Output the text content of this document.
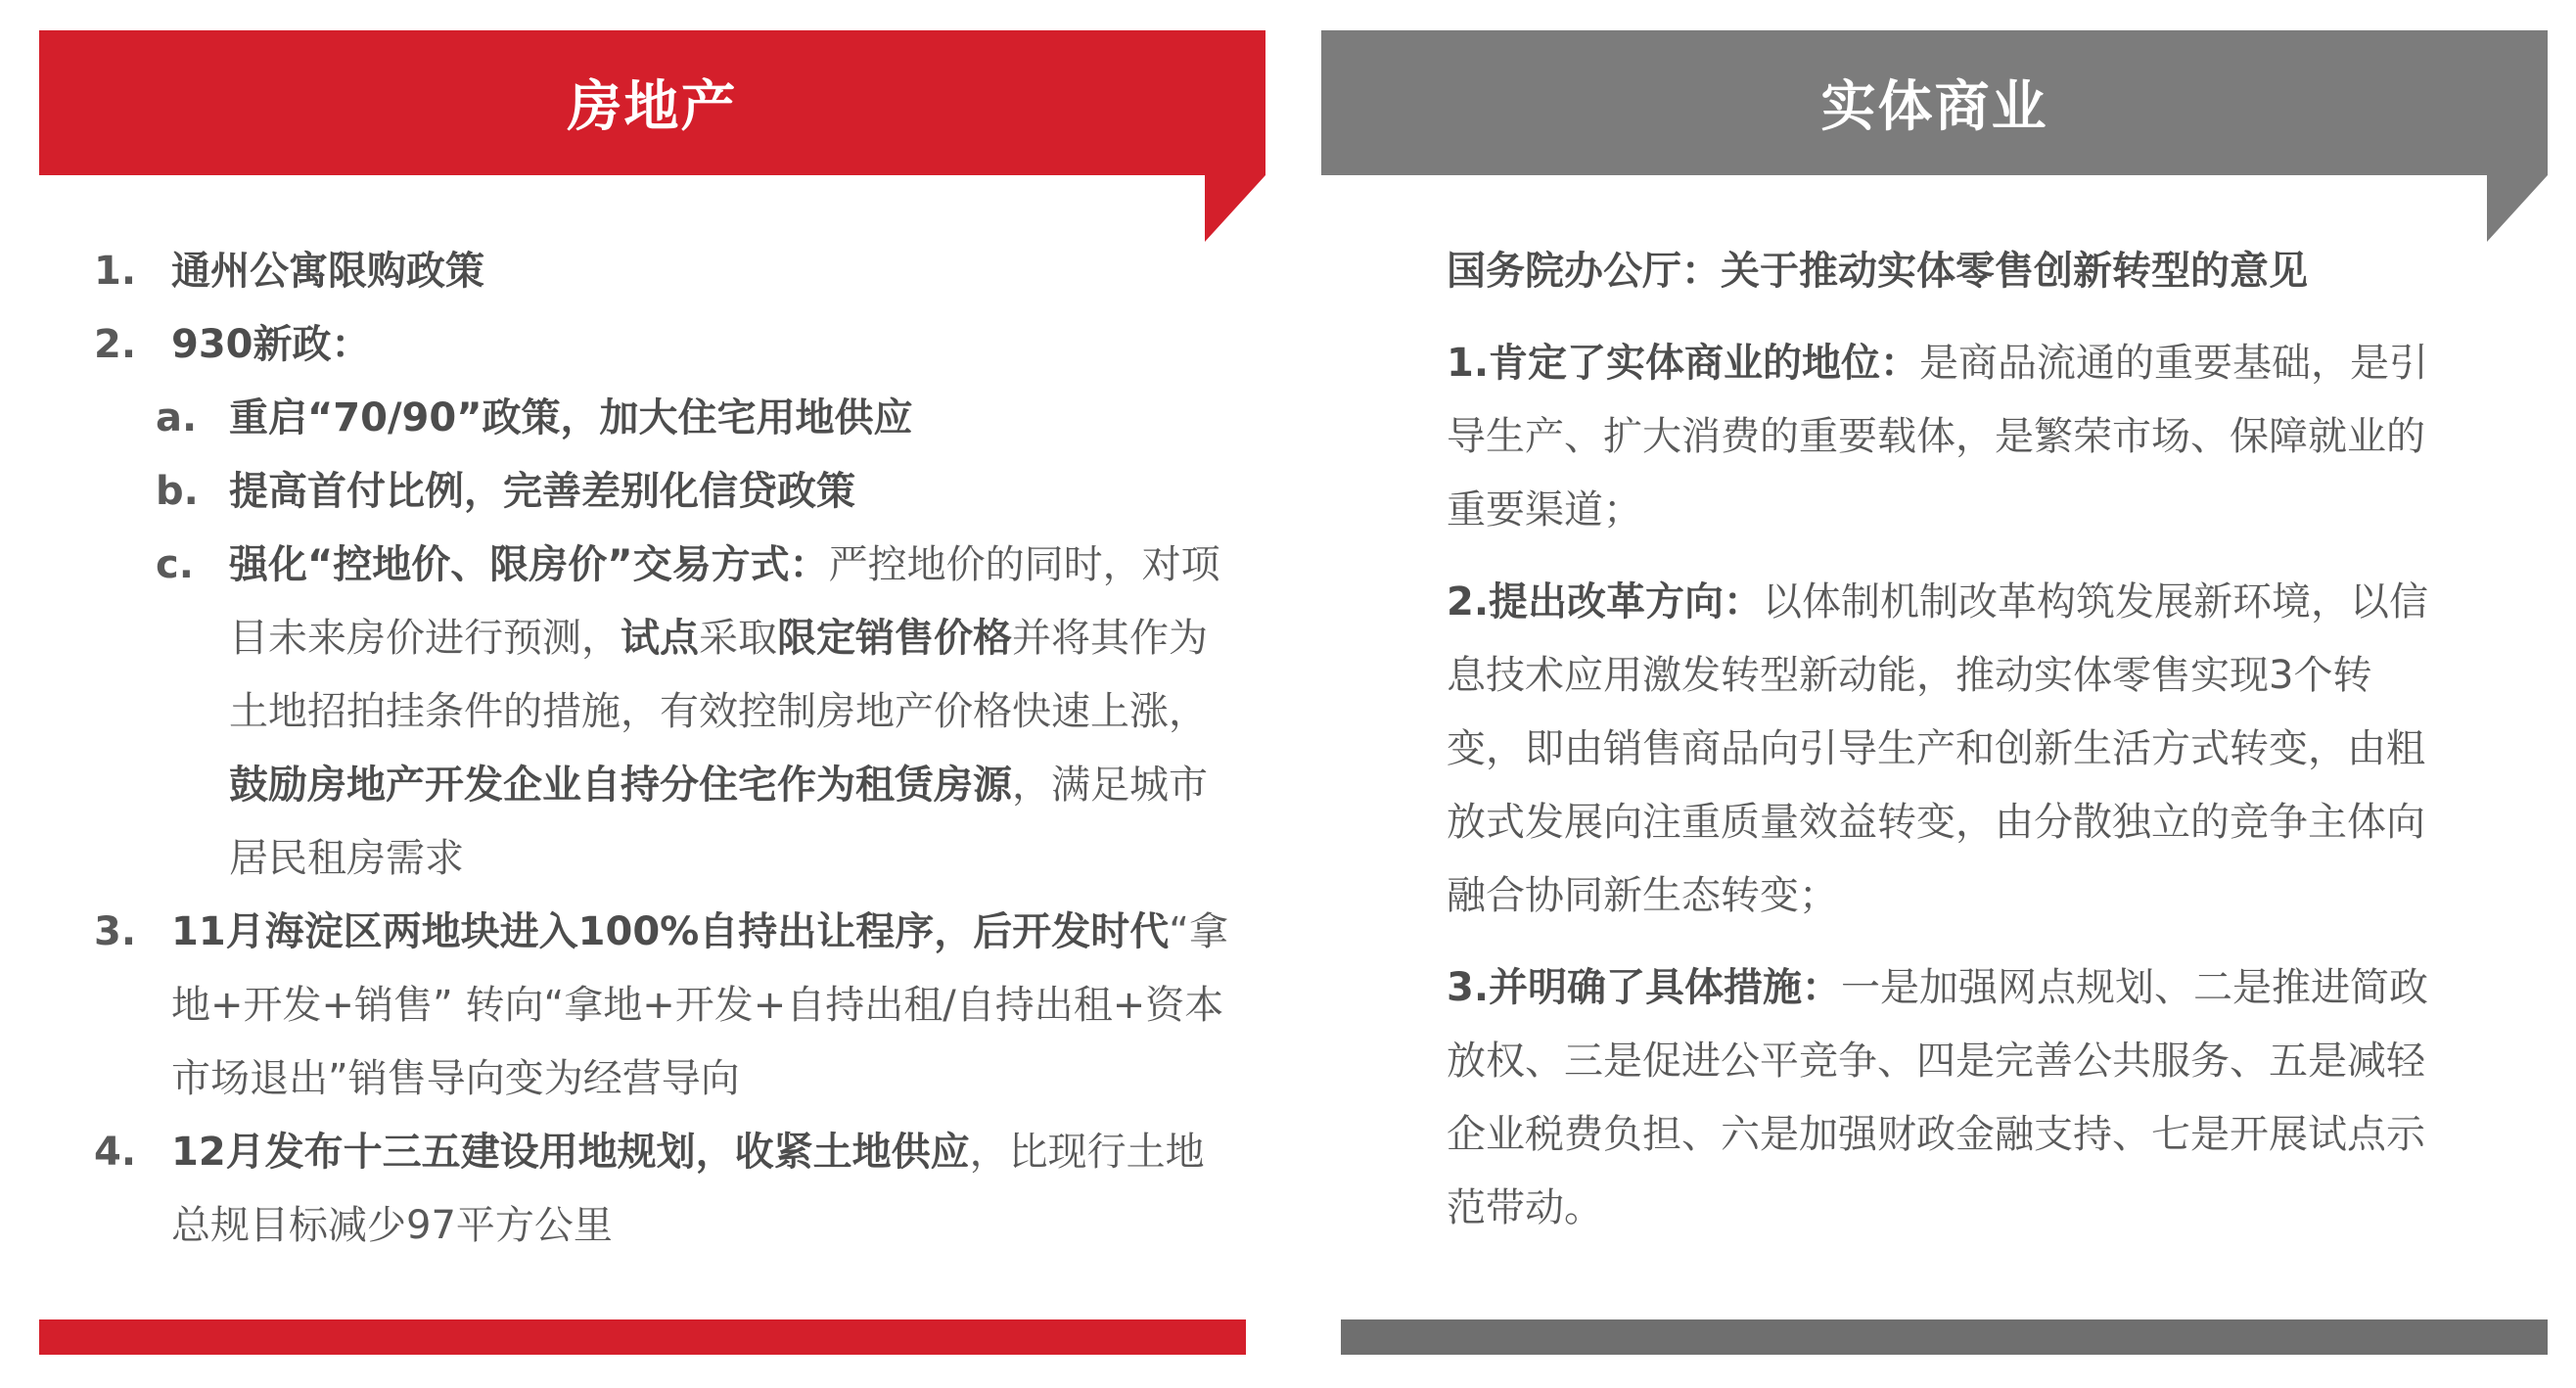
房地产	实体商业
1. 通州公寓限购政策
2. 930新政：
a. 重启“70/90”政策，加大住宅用地供应
b. 提高首付比例，完善差别化信贷政策
c. 强化“控地价、限房价”交易方式：严控地价的同时，对项目未来房价进行预测，试点采取限定销售价格并将其作为土地招拍挂条件的措施，有效控制房地产价格快速上涨，鼓励房地产开发企业自持分住宅作为租赁房源，满足城市居民租房需求
3. 11月海淀区两地块进入100%自持出让程序，后开发时代“拿地+开发+销售” 转向“拿地+开发+自持出租/自持出租+资本市场退出”销售导向变为经营导向
4. 12月发布十三五建设用地规划，收紧土地供应，比现行土地总规目标减少97平方公里
国务院办公厅：关于推动实体零售创新转型的意见
1.肯定了实体商业的地位：是商品流通的重要基础，是引导生产、扩大消费的重要载体，是繁荣市场、保障就业的重要渠道；
2.提出改革方向：以体制机制改革构筑发展新环境，以信息技术应用激发转型新动能，推动实体零售实现3个转变，即由销售商品向引导生产和创新生活方式转变，由粗放式发展向注重质量效益转变，由分散独立的竞争主体向融合协同新生态转变；
3.并明确了具体措施：一是加强网点规划、二是推进简政放权、三是促进公平竞争、四是完善公共服务、五是减轻企业税费负担、六是加强财政金融支持、七是开展试点示范带动。
